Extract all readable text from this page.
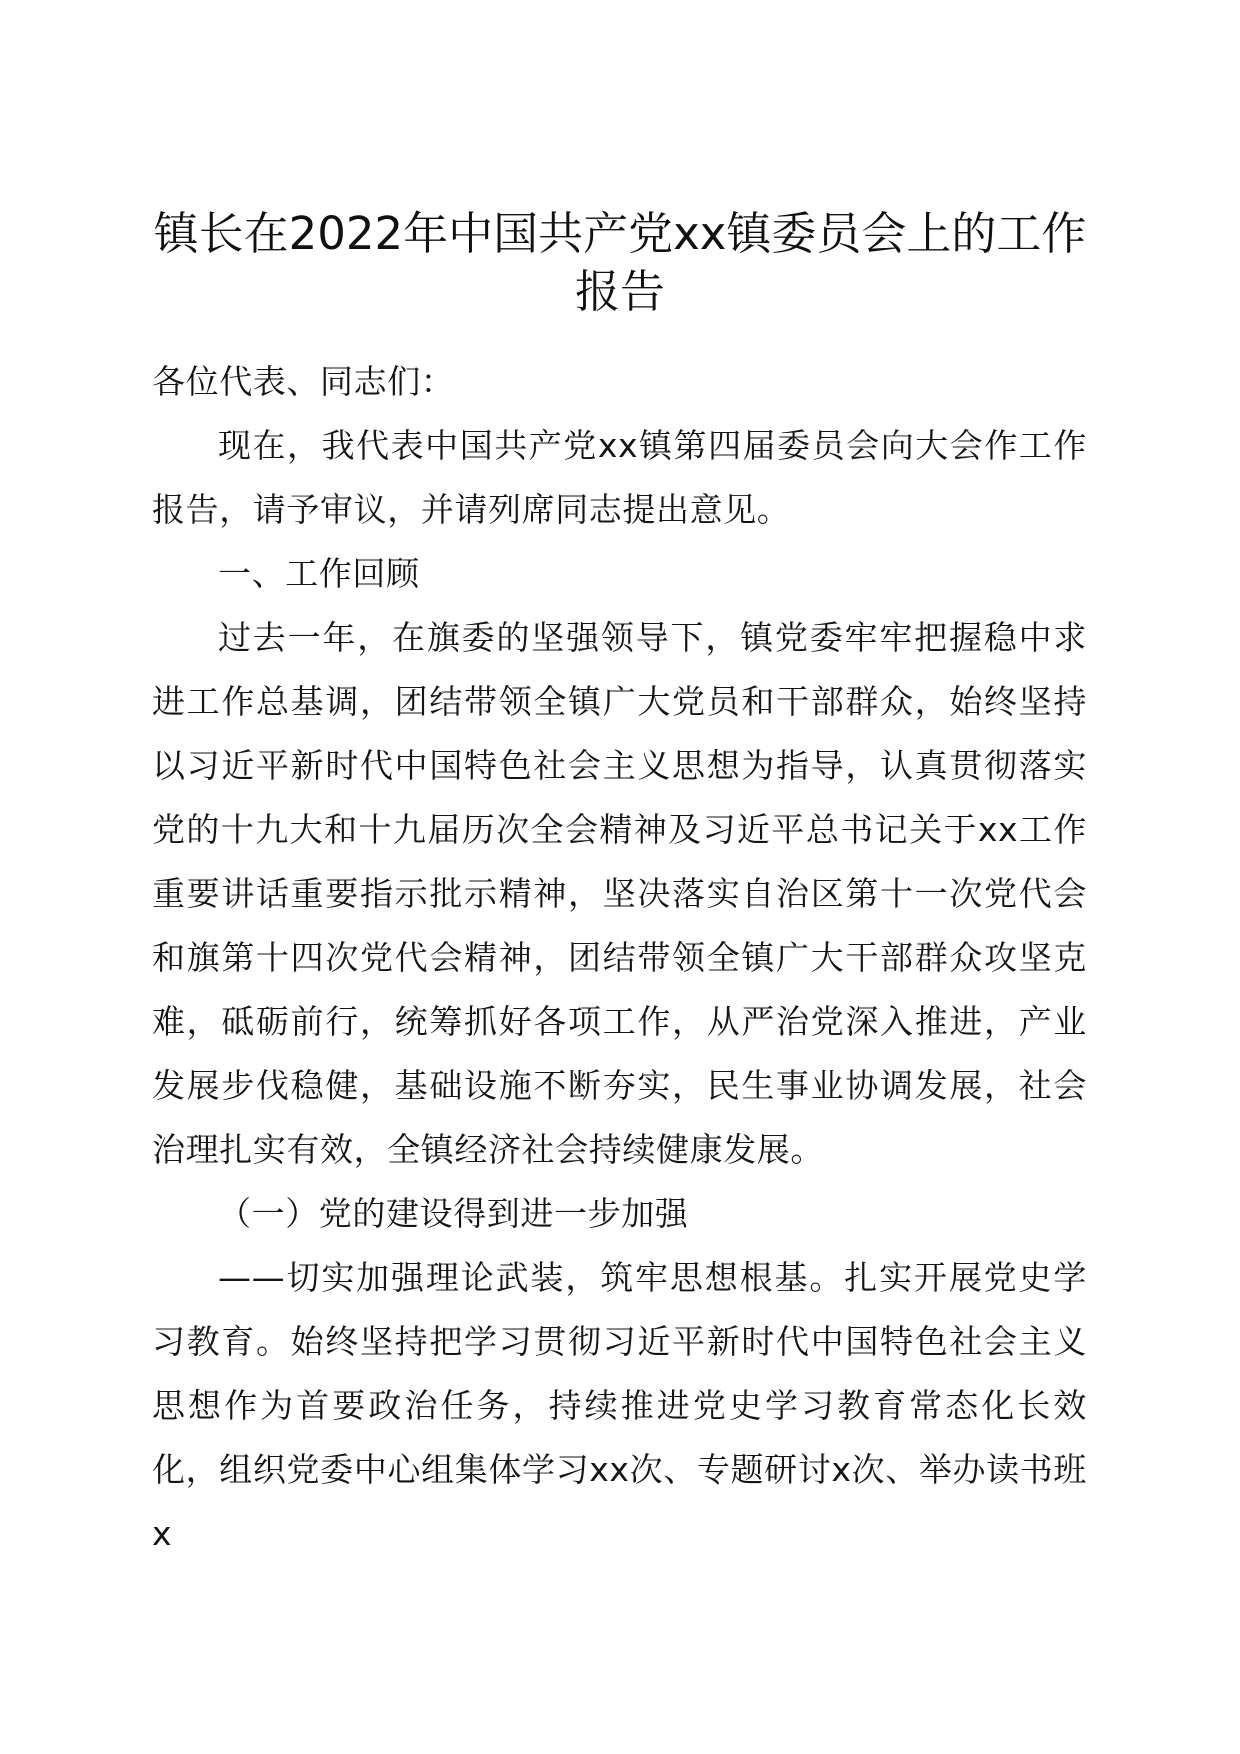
镇长在2022年中国共产党xx镇委员会上的工作报告

各位代表、同志们：

现在，我代表中国共产党xx镇第四届委员会向大会作工作报告，请予审议，并请列席同志提出意见。

一、工作回顾

过去一年，在旗委的坚强领导下，镇党委牢牢把握稳中求进工作总基调，团结带领全镇广大党员和干部群众，始终坚持以习近平新时代中国特色社会主义思想为指导，认真贯彻落实党的十九大和十九届历次全会精神及习近平总书记关于xx工作重要讲话重要指示批示精神，坚决落实自治区第十一次党代会和旗第十四次党代会精神，团结带领全镇广大干部群众攻坚克难，砥砺前行，统筹抓好各项工作，从严治党深入推进，产业发展步伐稳健，基础设施不断夯实，民生事业协调发展，社会治理扎实有效，全镇经济社会持续健康发展。

（一）党的建设得到进一步加强

——切实加强理论武装，筑牢思想根基。扎实开展党史学习教育。始终坚持把学习贯彻习近平新时代中国特色社会主义思想作为首要政治任务，持续推进党史学习教育常态化长效化，组织党委中心组集体学习xx次、专题研讨x次、举办读书班x
